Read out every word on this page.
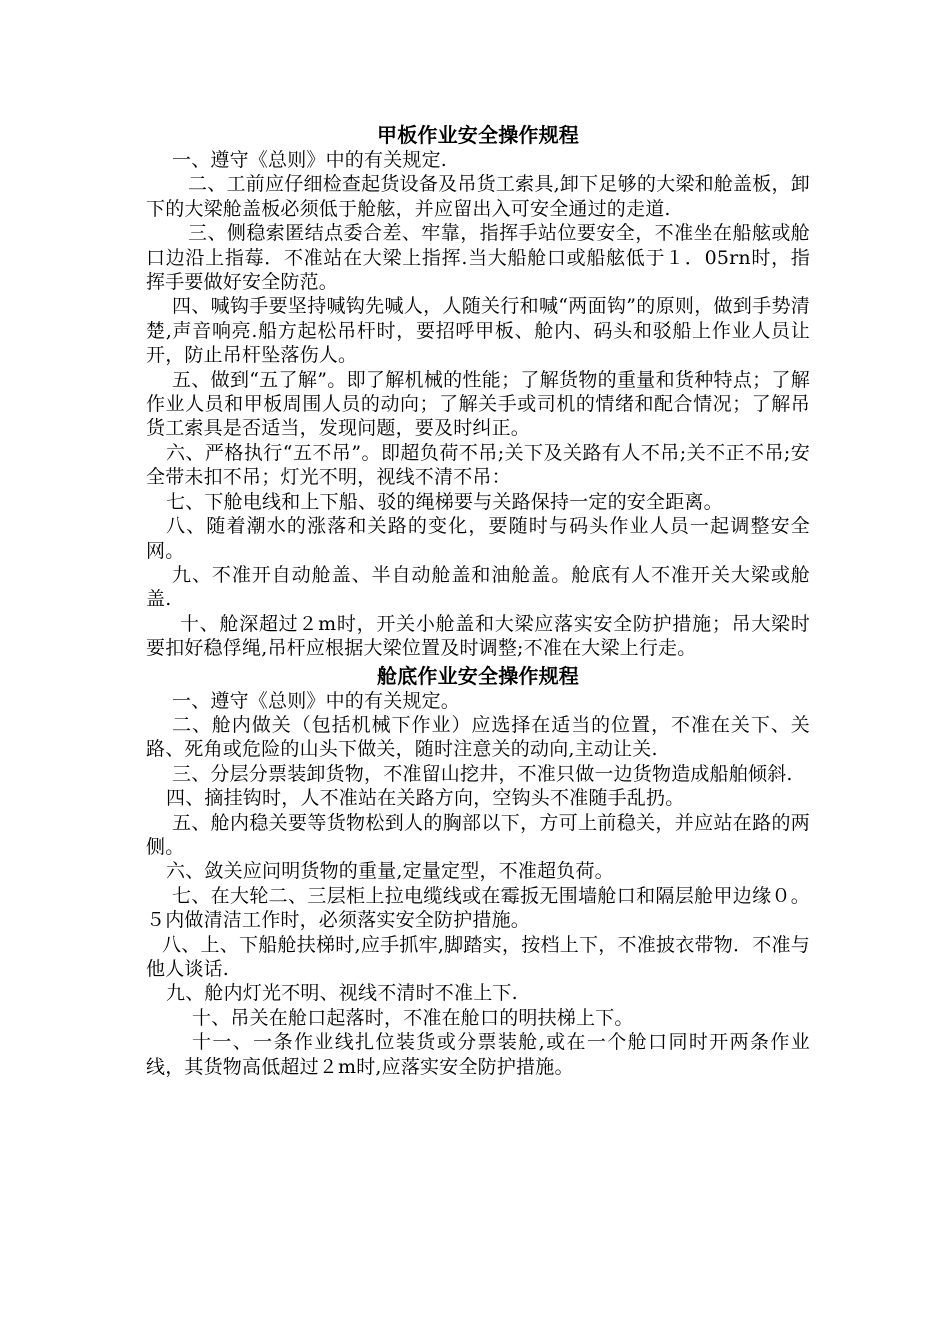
甲板作业安全操作规程

一、遵守《总则》中的有关规定.

二、工前应仔细检查起货设备及吊货工索具,卸下足够的大梁和舱盖板，卸下的大梁舱盖板必须低于舱舷，并应留出入可安全通过的走道.

三、侧稳索匿结点委合差、牢靠，指挥手站位要安全，不准坐在船舷或舱口边沿上指莓．不准站在大梁上指挥.当大船舱口或船舷低于１．05rn时，指挥手要做好安全防范。

四、喊钩手要坚持喊钩先喊人，人随关行和喊“两面钩”的原则，做到手势清楚,声音响亮.船方起松吊杆时，要招呼甲板、舱内、码头和驳船上作业人员让开，防止吊杆坠落伤人。

五、做到“五了解”。即了解机械的性能；了解货物的重量和货种特点；了解作业人员和甲板周围人员的动向；了解关手或司机的情绪和配合情况；了解吊货工索具是否适当，发现问题，要及时纠正。

六、严格执行“五不吊”。即超负荷不吊;关下及关路有人不吊;关不正不吊;安全带未扣不吊；灯光不明，视线不清不吊：

七、下舱电线和上下船、驳的绳梯要与关路保持一定的安全距离。

八、随着潮水的涨落和关路的变化，要随时与码头作业人员一起调整安全网。

九、不准开自动舱盖、半自动舱盖和油舱盖。舱底有人不准开关大梁或舱盖.

十、舱深超过２m时，开关小舱盖和大梁应落实安全防护措施；吊大梁时要扣好稳俘绳,吊杆应根据大梁位置及时调整;不准在大梁上行走。

舱底作业安全操作规程

一、遵守《总则》中的有关规定。

二、舱内做关（包括机械下作业）应选择在适当的位置，不准在关下、关路、死角或危险的山头下做关，随时注意关的动向,主动让关.

三、分层分票装卸货物，不准留山挖井，不准只做一边货物造成船舶倾斜.

四、摘挂钩时，人不准站在关路方向，空钩头不准随手乱扔。

五、舱内稳关要等货物松到人的胸部以下，方可上前稳关，并应站在路的两侧。

六、敛关应问明货物的重量,定量定型，不准超负荷。

七、在大轮二、三层柜上拉电缆线或在霉扳无围墙舱口和隔层舱甲边缘０。５内做清洁工作时，必须落实安全防护措施。

八、上、下船舱扶梯时,应手抓牢,脚踏实，按档上下，不准披衣带物．不准与他人谈话.

九、舱内灯光不明、视线不清时不准上下.

十、吊关在舱口起落时，不准在舱口的明扶梯上下。

十一、一条作业线扎位装货或分票装舱,或在一个舱口同时开两条作业线，其货物高低超过２m时,应落实安全防护措施。
